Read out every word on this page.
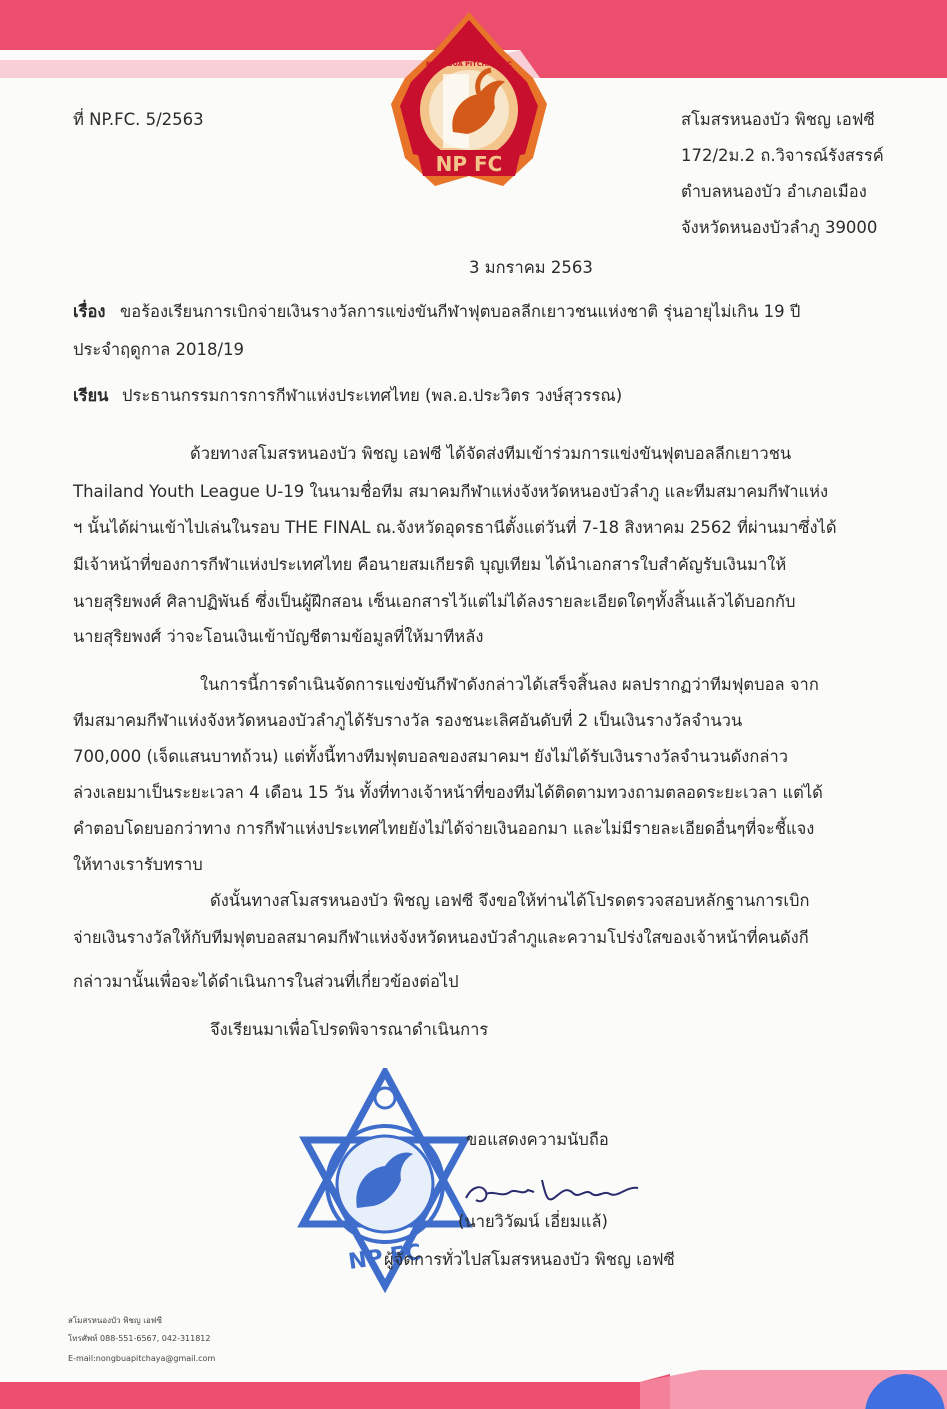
NP FC
NONGBUA PITCHAYA FC
ที่ NP.FC. 5/2563	สโมสรหนองบัว พิชญ เอฟซี
172/2ม.2 ถ.วิจารณ์รังสรรค์
ตำบลหนองบัว อำเภอเมือง
จังหวัดหนองบัวลำภู 39000
3 มกราคม 2563
เรื่อง ขอร้องเรียนการเบิกจ่ายเงินรางวัลการแข่งขันกีฬาฟุตบอลลีกเยาวชนแห่งชาติ รุ่นอายุไม่เกิน 19 ปี
ประจำฤดูกาล 2018/19
เรียน ประธานกรรมการการกีฬาแห่งประเทศไทย (พล.อ.ประวิตร วงษ์สุวรรณ)
ด้วยทางสโมสรหนองบัว พิชญ เอฟซี ได้จัดส่งทีมเข้าร่วมการแข่งขันฟุตบอลลีกเยาวชน
Thailand Youth League U-19 ในนามชื่อทีม สมาคมกีฬาแห่งจังหวัดหนองบัวลำภู และทีมสมาคมกีฬาแห่ง
ฯ นั้นได้ผ่านเข้าไปเล่นในรอบ THE FINAL ณ.จังหวัดอุดรธานีตั้งแต่วันที่ 7-18 สิงหาคม 2562 ที่ผ่านมาซึ่งได้
มีเจ้าหน้าที่ของการกีฬาแห่งประเทศไทย คือนายสมเกียรติ บุญเทียม ได้นำเอกสารใบสำคัญรับเงินมาให้
นายสุริยพงศ์ ศิลาปฏิพันธ์ ซึ่งเป็นผู้ฝึกสอน เซ็นเอกสารไว้แต่ไม่ได้ลงรายละเอียดใดๆทั้งสิ้นแล้วได้บอกกับ
นายสุริยพงศ์ ว่าจะโอนเงินเข้าบัญชีตามข้อมูลที่ให้มาทีหลัง
ในการนี้การดำเนินจัดการแข่งขันกีฬาดังกล่าวได้เสร็จสิ้นลง ผลปรากฏว่าทีมฟุตบอล จาก
ทีมสมาคมกีฬาแห่งจังหวัดหนองบัวลำภูได้รับรางวัล รองชนะเลิศอันดับที่ 2 เป็นเงินรางวัลจำนวน
700,000 (เจ็ดแสนบาทถ้วน) แต่ทั้งนี้ทางทีมฟุตบอลของสมาคมฯ ยังไม่ได้รับเงินรางวัลจำนวนดังกล่าว
ล่วงเลยมาเป็นระยะเวลา 4 เดือน 15 วัน ทั้งที่ทางเจ้าหน้าที่ของทีมได้ติดตามทวงถามตลอดระยะเวลา แต่ได้
คำตอบโดยบอกว่าทาง การกีฬาแห่งประเทศไทยยังไม่ได้จ่ายเงินออกมา และไม่มีรายละเอียดอื่นๆที่จะชี้แจง
ให้ทางเรารับทราบ
ดังนั้นทางสโมสรหนองบัว พิชญ เอฟซี จึงขอให้ท่านได้โปรดตรวจสอบหลักฐานการเบิก
จ่ายเงินรางวัลให้กับทีมฟุตบอลสมาคมกีฬาแห่งจังหวัดหนองบัวลำภูและความโปร่งใสของเจ้าหน้าที่คนดังกี
กล่าวมานั้นเพื่อจะได้ดำเนินการในส่วนที่เกี่ยวข้องต่อไป
จึงเรียนมาเพื่อโปรดพิจารณาดำเนินการ
NP FC
ขอแสดงความนับถือ
(นายวิวัฒน์ เอี่ยมแล้)
ผู้จัดการทั่วไปสโมสรหนองบัว พิชญ เอฟซี
สโมสรหนองบัว พิชญ เอฟซี
โทรศัพท์ 088-551-6567, 042-311812
E-mail:nongbuapitchaya@gmail.com
